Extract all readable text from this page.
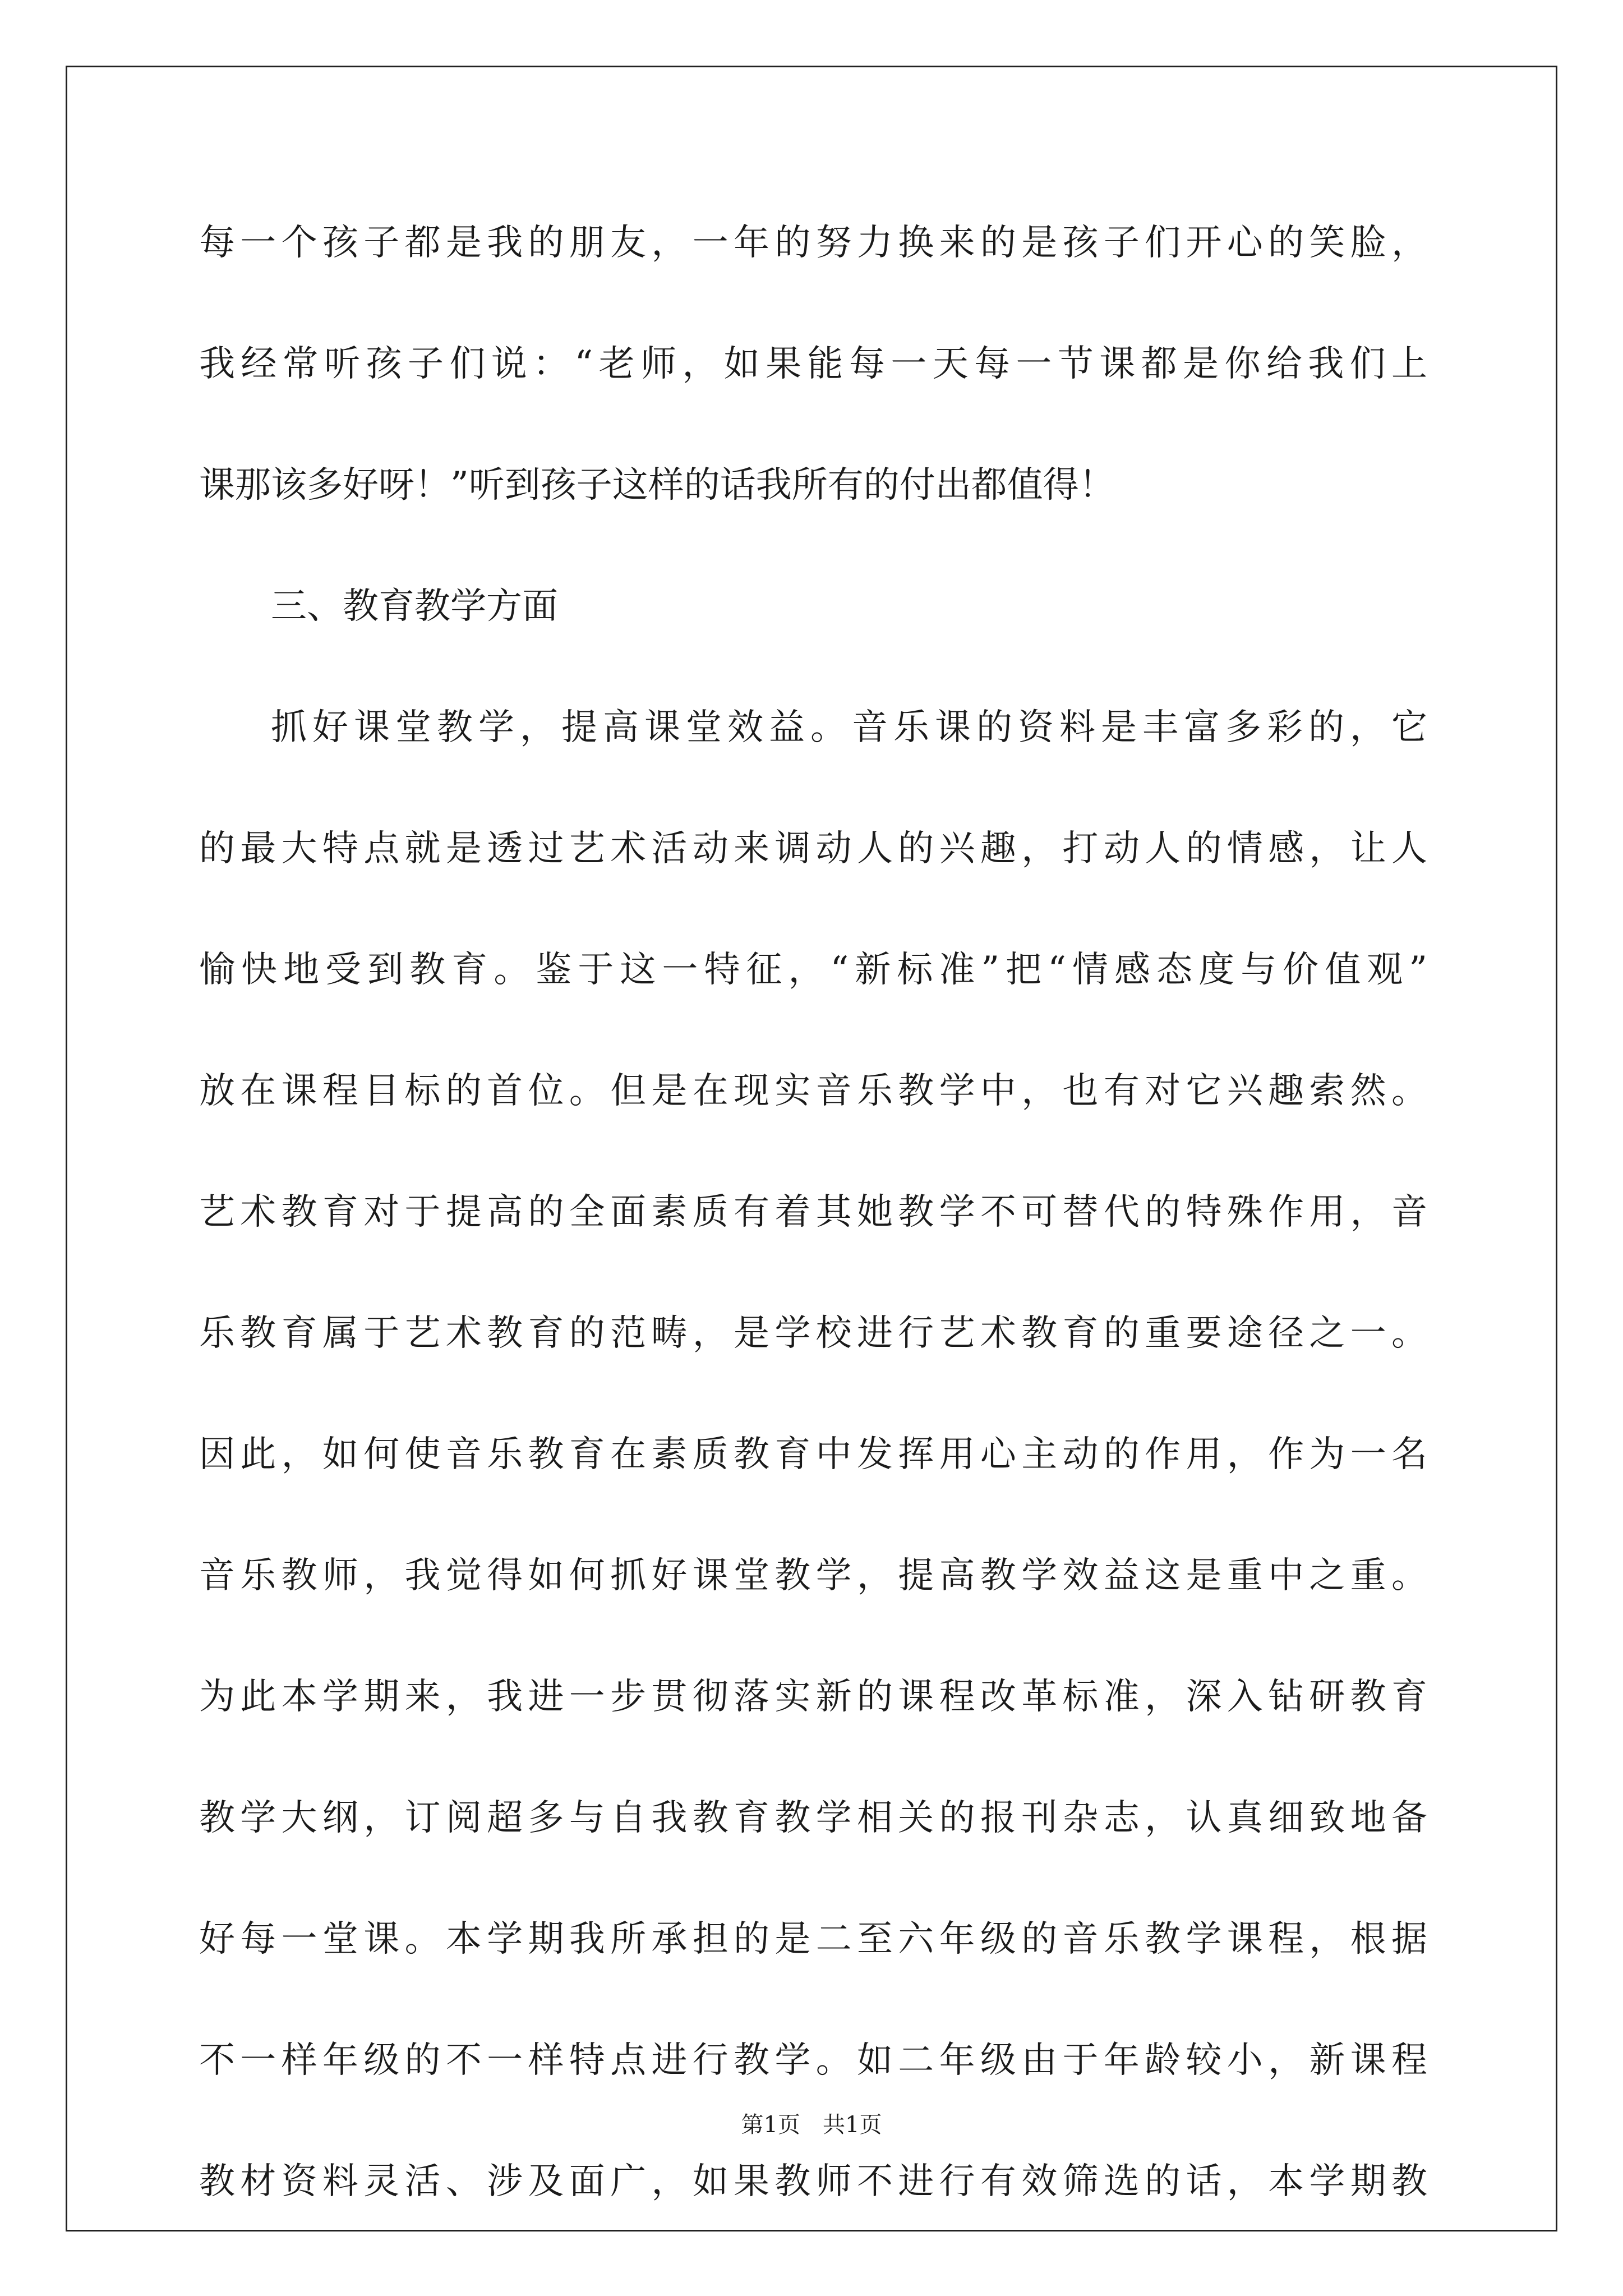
每一个孩子都是我的朋友，一年的努力换来的是孩子们开心的笑脸，
我经常听孩子们说：“老师，如果能每一天每一节课都是你给我们上
课那该多好呀！”听到孩子这样的话我所有的付出都值得！
三、教育教学方面
抓好课堂教学，提高课堂效益。音乐课的资料是丰富多彩的，它
的最大特点就是透过艺术活动来调动人的兴趣，打动人的情感，让人
愉快地受到教育。鉴于这一特征，“新标准”把“情感态度与价值观”
放在课程目标的首位。但是在现实音乐教学中，也有对它兴趣索然。
艺术教育对于提高的全面素质有着其她教学不可替代的特殊作用，音
乐教育属于艺术教育的范畴，是学校进行艺术教育的重要途径之一。
因此，如何使音乐教育在素质教育中发挥用心主动的作用，作为一名
音乐教师，我觉得如何抓好课堂教学，提高教学效益这是重中之重。
为此本学期来，我进一步贯彻落实新的课程改革标准，深入钻研教育
教学大纲，订阅超多与自我教育教学相关的报刊杂志，认真细致地备
好每一堂课。本学期我所承担的是二至六年级的音乐教学课程，根据
不一样年级的不一样特点进行教学。如二年级由于年龄较小，新课程
教材资料灵活、涉及面广，如果教师不进行有效筛选的话，本学期教
第1页　共1页
